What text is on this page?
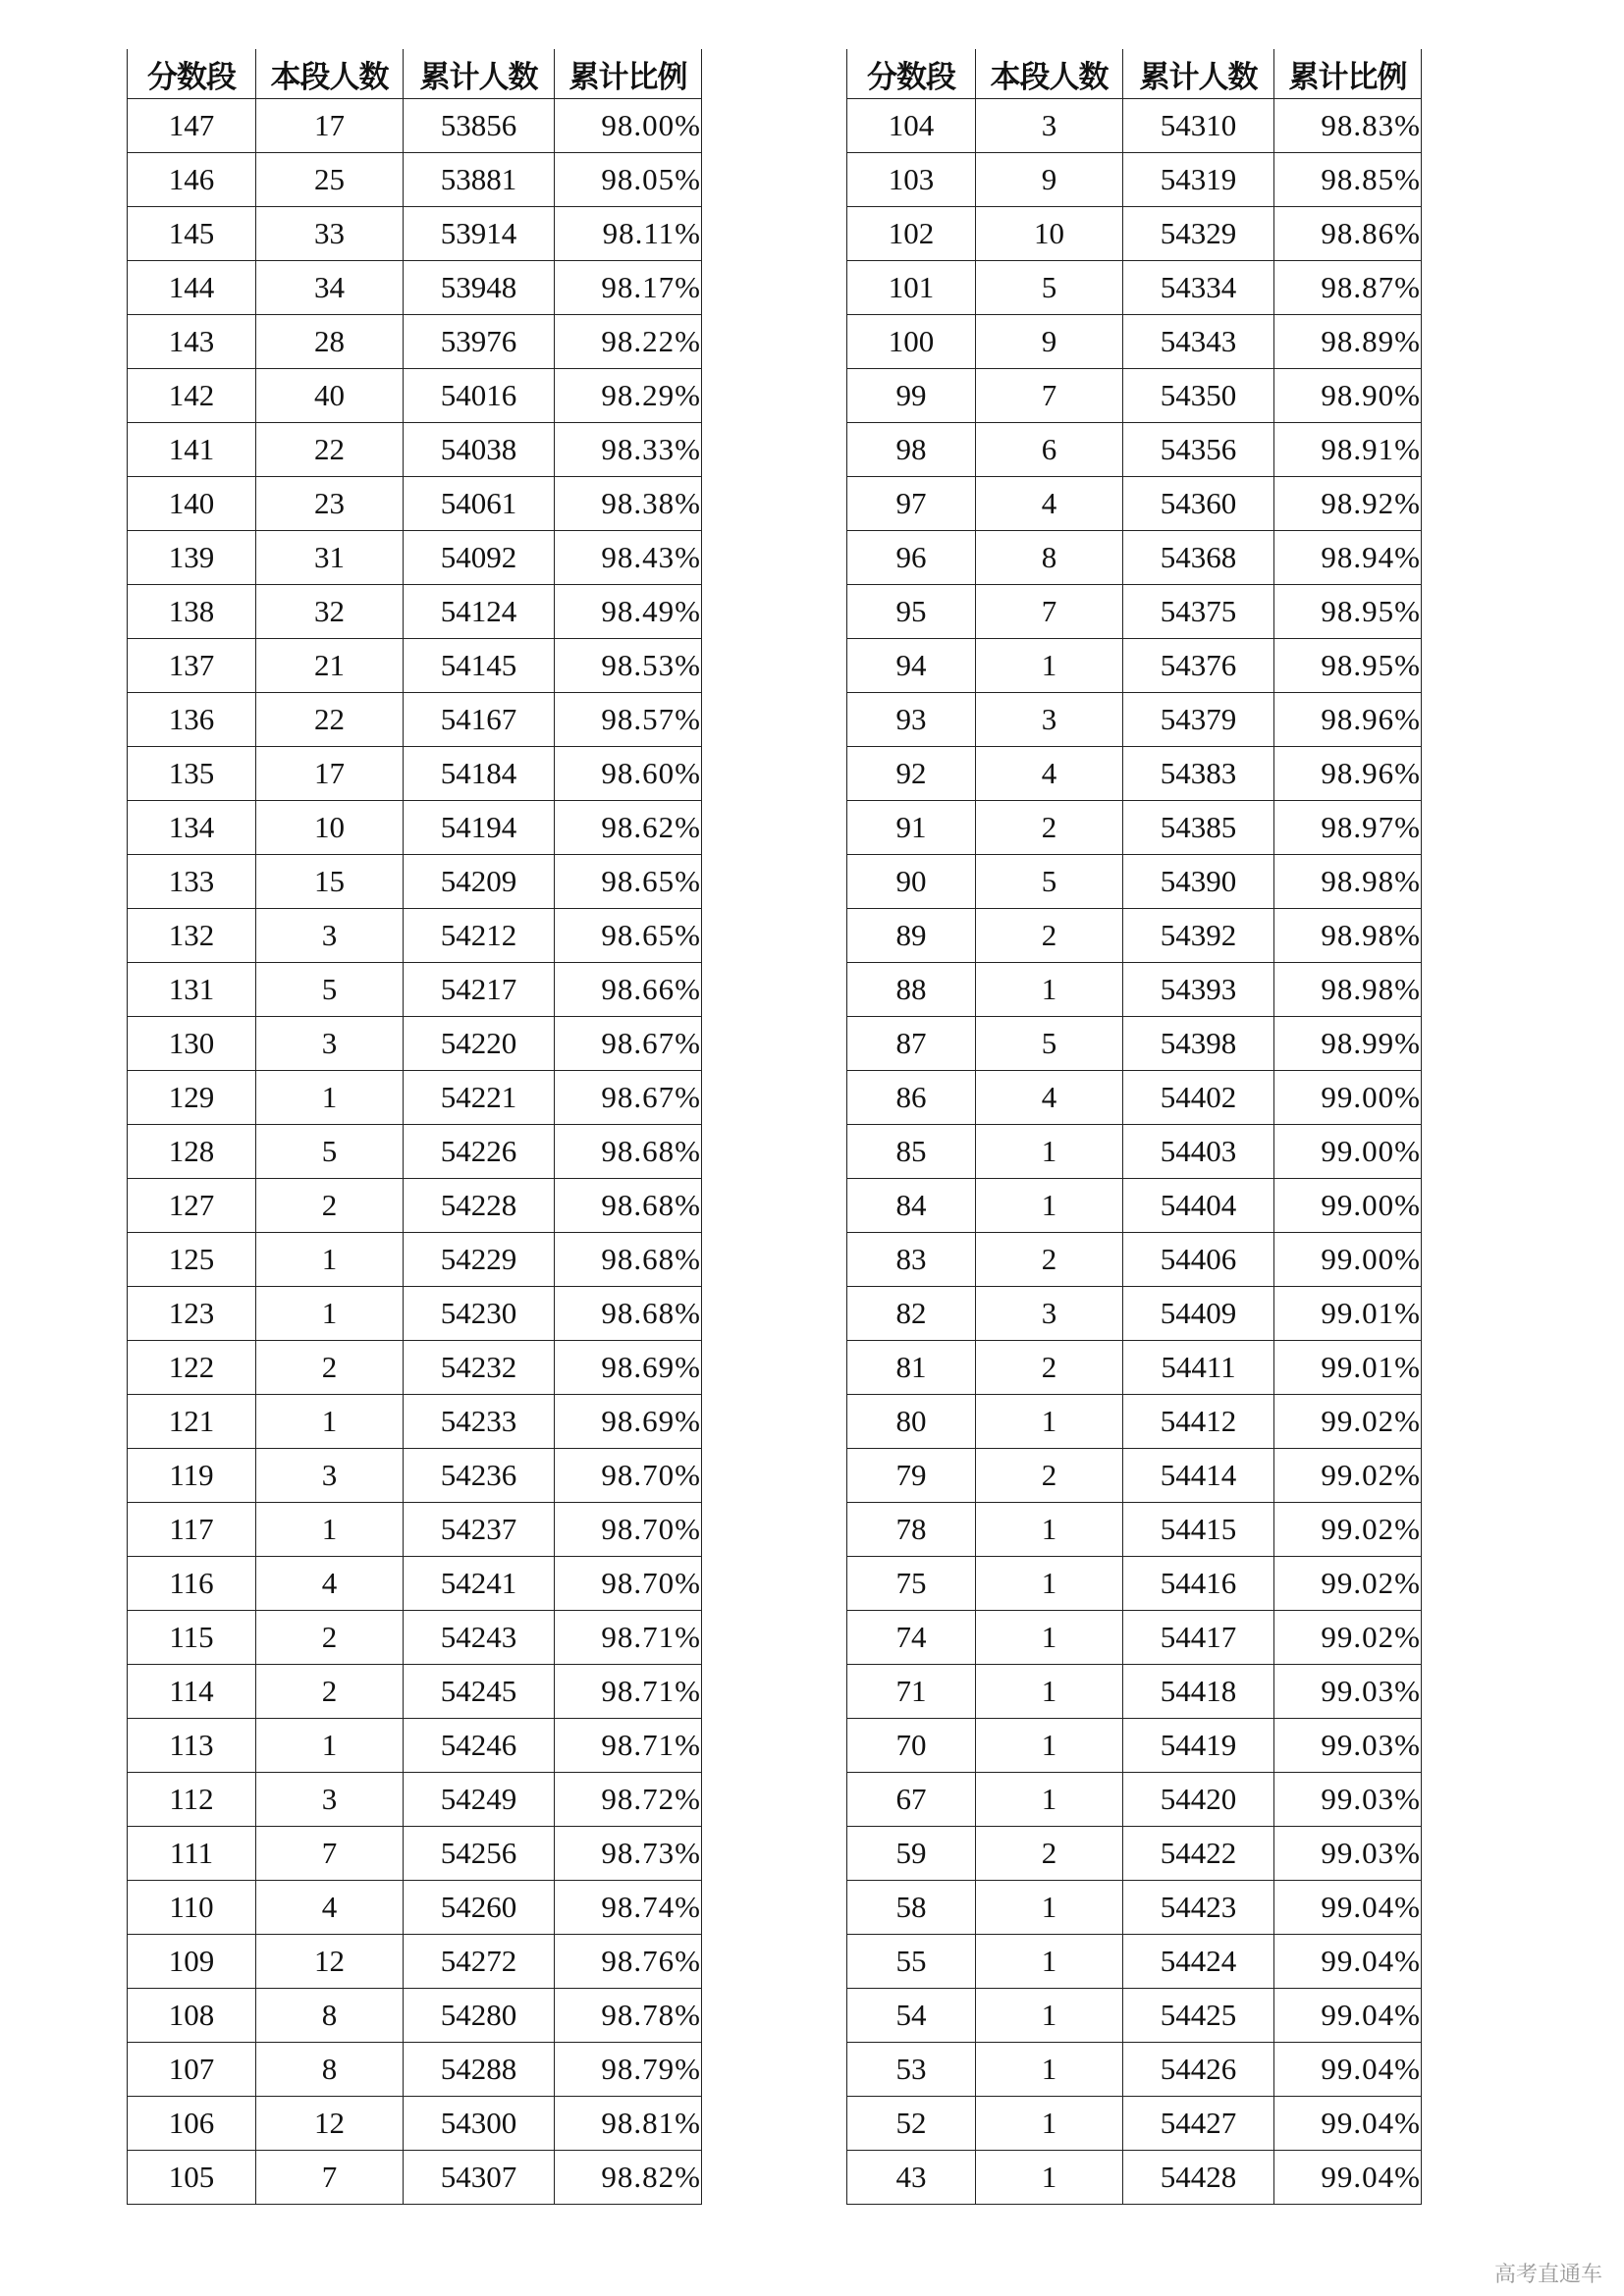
分数段	本段人数	累计人数	累计比例
147	17	53856	98.00%
146	25	53881	98.05%
145	33	53914	98.11%
144	34	53948	98.17%
143	28	53976	98.22%
142	40	54016	98.29%
141	22	54038	98.33%
140	23	54061	98.38%
139	31	54092	98.43%
138	32	54124	98.49%
137	21	54145	98.53%
136	22	54167	98.57%
135	17	54184	98.60%
134	10	54194	98.62%
133	15	54209	98.65%
132	3	54212	98.65%
131	5	54217	98.66%
130	3	54220	98.67%
129	1	54221	98.67%
128	5	54226	98.68%
127	2	54228	98.68%
125	1	54229	98.68%
123	1	54230	98.68%
122	2	54232	98.69%
121	1	54233	98.69%
119	3	54236	98.70%
117	1	54237	98.70%
116	4	54241	98.70%
115	2	54243	98.71%
114	2	54245	98.71%
113	1	54246	98.71%
112	3	54249	98.72%
111	7	54256	98.73%
110	4	54260	98.74%
109	12	54272	98.76%
108	8	54280	98.78%
107	8	54288	98.79%
106	12	54300	98.81%
105	7	54307	98.82%
分数段	本段人数	累计人数	累计比例
104	3	54310	98.83%
103	9	54319	98.85%
102	10	54329	98.86%
101	5	54334	98.87%
100	9	54343	98.89%
99	7	54350	98.90%
98	6	54356	98.91%
97	4	54360	98.92%
96	8	54368	98.94%
95	7	54375	98.95%
94	1	54376	98.95%
93	3	54379	98.96%
92	4	54383	98.96%
91	2	54385	98.97%
90	5	54390	98.98%
89	2	54392	98.98%
88	1	54393	98.98%
87	5	54398	98.99%
86	4	54402	99.00%
85	1	54403	99.00%
84	1	54404	99.00%
83	2	54406	99.00%
82	3	54409	99.01%
81	2	54411	99.01%
80	1	54412	99.02%
79	2	54414	99.02%
78	1	54415	99.02%
75	1	54416	99.02%
74	1	54417	99.02%
71	1	54418	99.03%
70	1	54419	99.03%
67	1	54420	99.03%
59	2	54422	99.03%
58	1	54423	99.04%
55	1	54424	99.04%
54	1	54425	99.04%
53	1	54426	99.04%
52	1	54427	99.04%
43	1	54428	99.04%
高考直通车
